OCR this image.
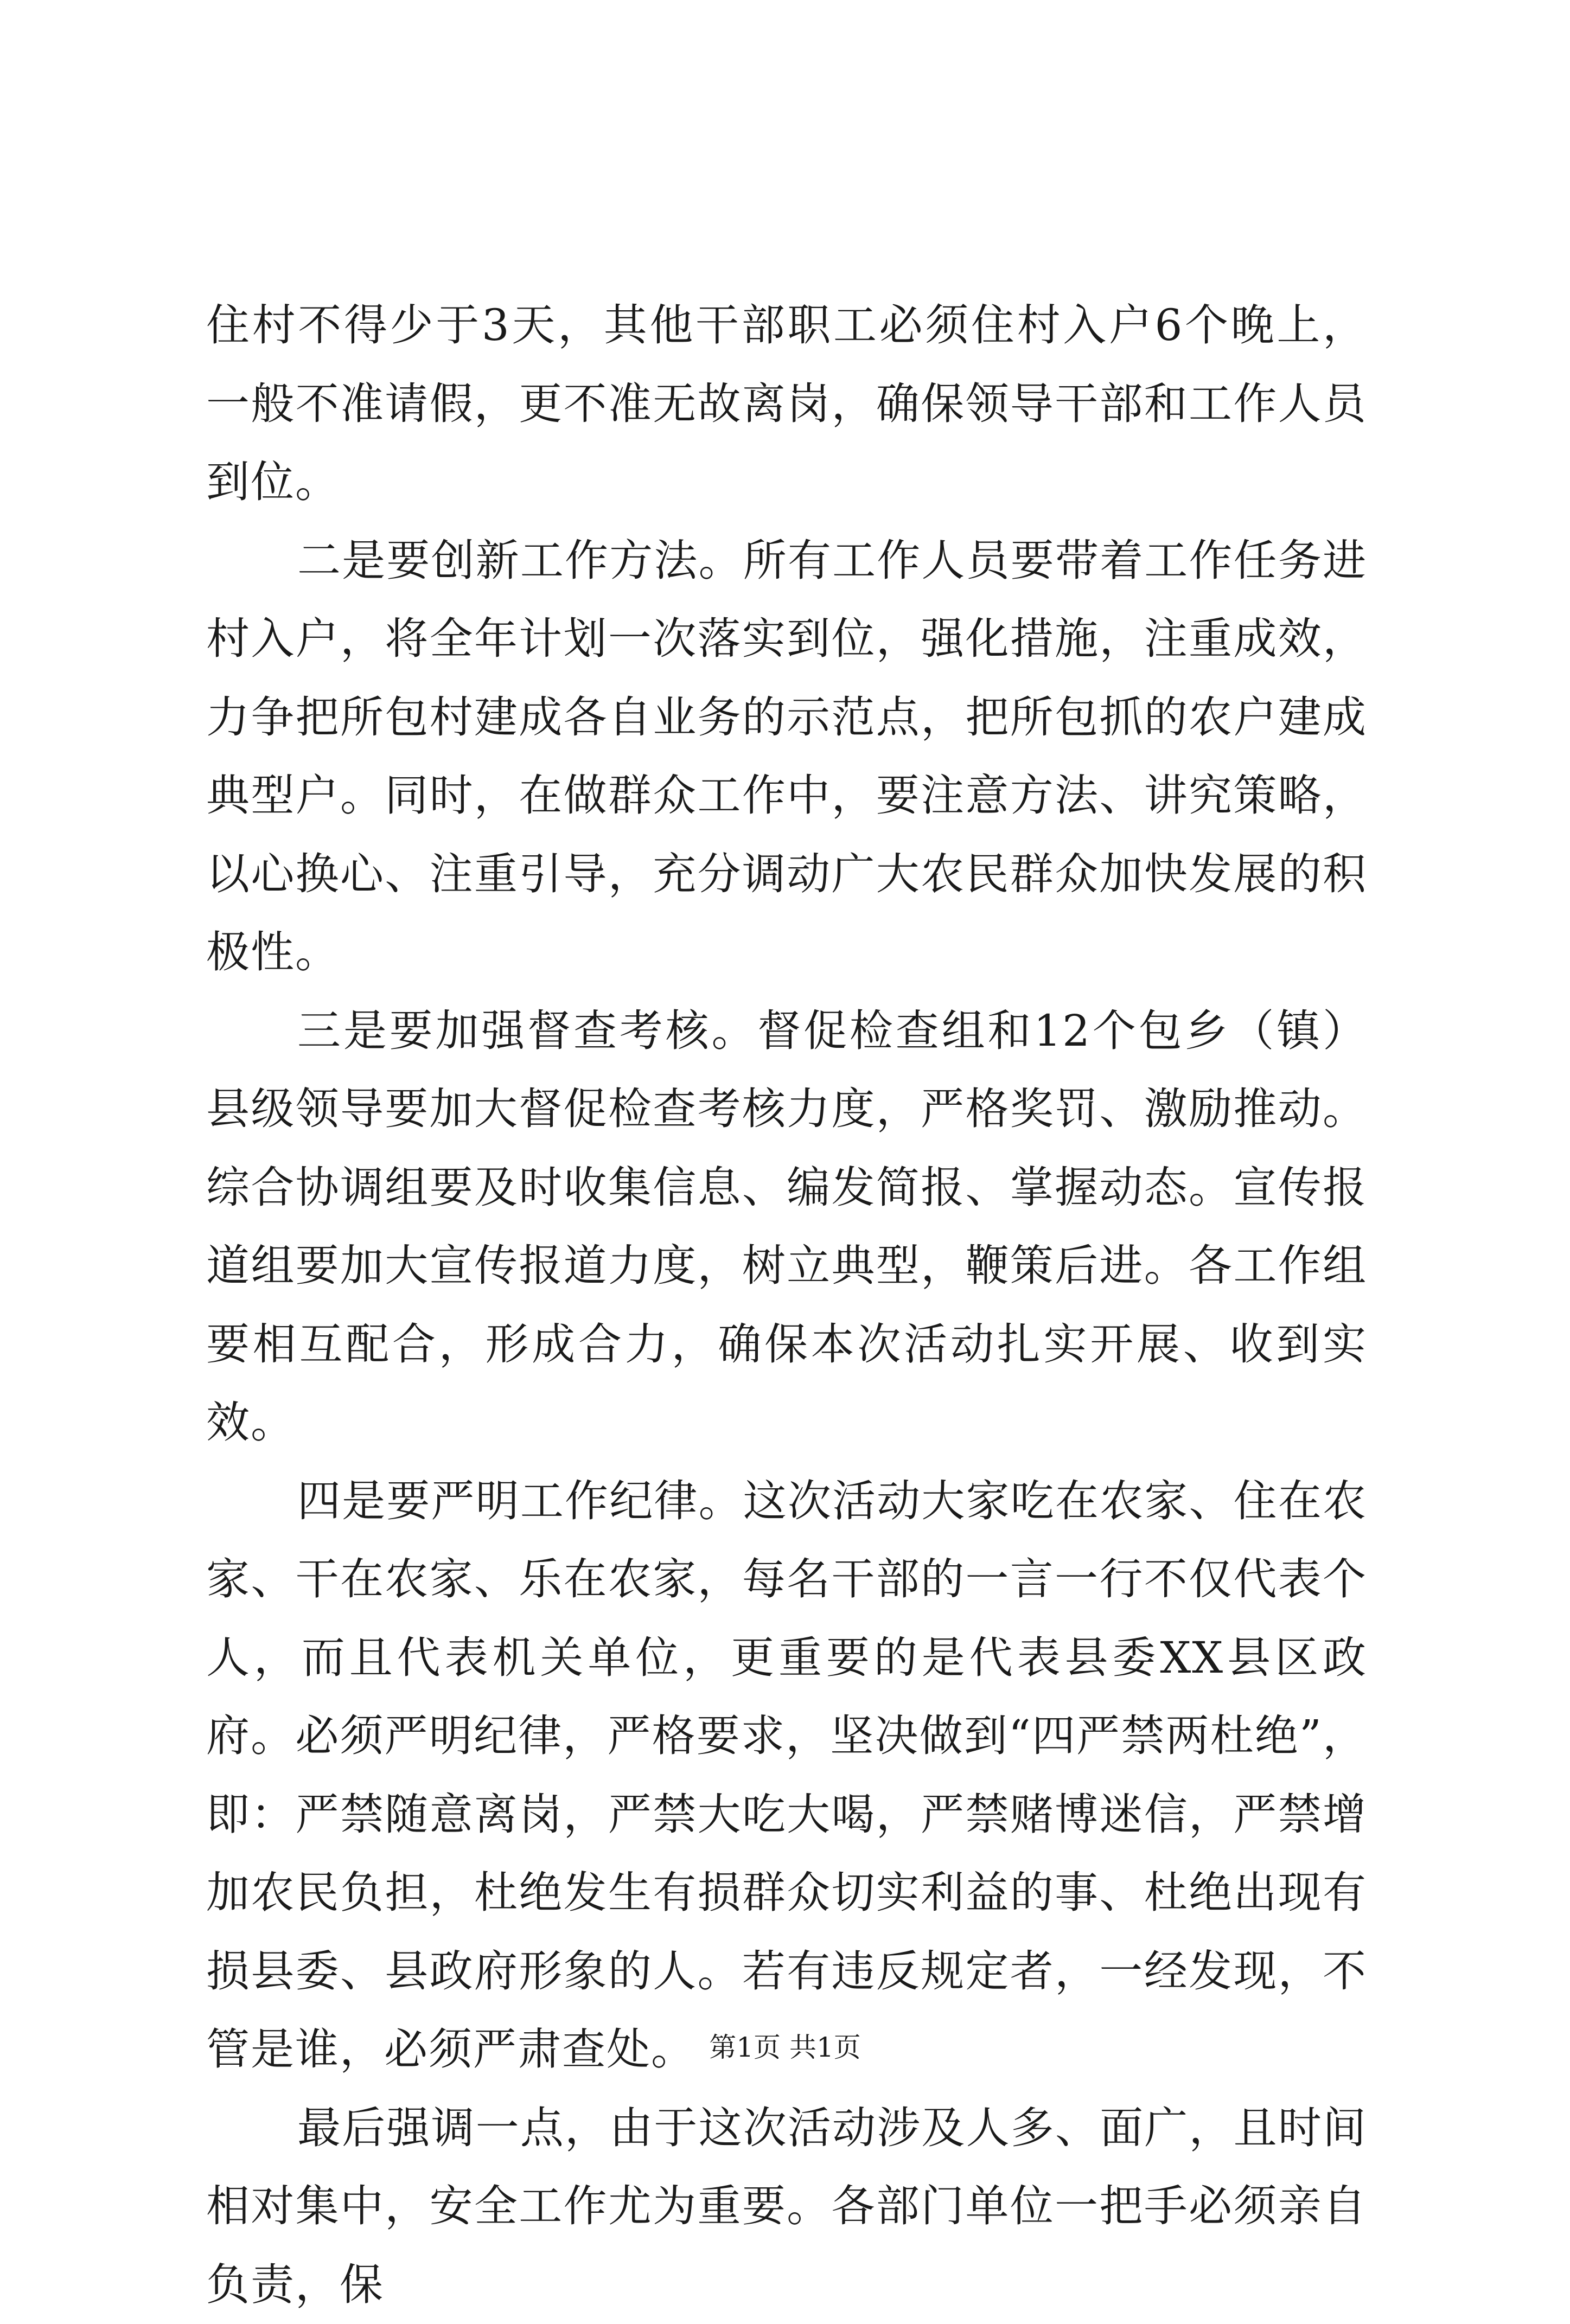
住村不得少于3天，其他干部职工必须住村入户6个晚上，一般不准请假，更不准无故离岗，确保领导干部和工作人员到位。

二是要创新工作方法。所有工作人员要带着工作任务进村入户，将全年计划一次落实到位，强化措施，注重成效，力争把所包村建成各自业务的示范点，把所包抓的农户建成典型户。同时，在做群众工作中，要注意方法、讲究策略，以心换心、注重引导，充分调动广大农民群众加快发展的积极性。

三是要加强督查考核。督促检查组和12个包乡（镇）县级领导要加大督促检查考核力度，严格奖罚、激励推动。综合协调组要及时收集信息、编发简报、掌握动态。宣传报道组要加大宣传报道力度，树立典型，鞭策后进。各工作组要相互配合，形成合力，确保本次活动扎实开展、收到实效。

四是要严明工作纪律。这次活动大家吃在农家、住在农家、干在农家、乐在农家，每名干部的一言一行不仅代表个人，而且代表机关单位，更重要的是代表县委XX县区政府。必须严明纪律，严格要求，坚决做到“四严禁两杜绝”，即：严禁随意离岗，严禁大吃大喝，严禁赌博迷信，严禁增加农民负担，杜绝发生有损群众切实利益的事、杜绝出现有损县委、县政府形象的人。若有违反规定者，一经发现，不管是谁，必须严肃查处。

最后强调一点，由于这次活动涉及人多、面广，且时间相对集中，安全工作尤为重要。各部门单位一把手必须亲自负责，保

第1页 共1页
